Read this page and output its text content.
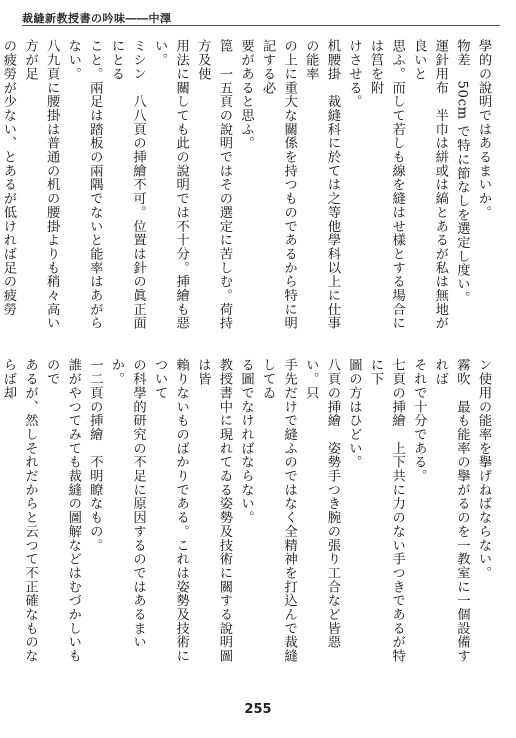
裁縫新教授書の吟味――中澤
學的の說明ではあるまいか。
物差　50cm で特に節なしを選定し度い。
運針用布　半巾は絣或は縞とあるが私は無地が良いと
思ふ。而して若しも線を縫はせ樣とする場合には筥を附
けさせる。
机腰掛　裁縫科に於ては之等他學科以上に仕事の能率
の上に重大な關係を持つものであるから特に明記する必
要があると思ふ。
箆　一五頁の說明ではその選定に苦しむ。荷持方及使
用法に關しても此の說明では不十分。挿繪も惡い。
ミシン　八八頁の挿繪不可。位置は針の眞正面にとる
こと。兩足は踏板の兩隅でないと能率はあがらない。
八九頁に腰掛は普通の机の腰掛よりも稍々高い方が足
の疲勞が少ない、とあるが低ければ足の疲勞

ン使用の能率を擧げねばならない。
霧吹　最も能率の擧がるのを一教室に一個設備すれば
それで十分である。
七頁の挿繪　上下共に力のない手つきであるが特に下
圖の方はひどい。
八頁の挿繪　姿勢手つき腕の張り工合など皆惡い。只
手先だけで縫ふのではなく全精神を打込んで裁縫してゐ
る圖でなければならない。
教授書中に現れてゐる姿勢及技術に關する說明圖は皆
賴りないものばかりである。これは姿勢及技術について
の科學的研究の不足に原因するのではあるまいか。
一二頁の挿繪　不明瞭なもの。
誰がやつてみても裁縫の圖解などはむづかしいもので
あるが、然しそれだからと云つて不正確なものならば却

255
